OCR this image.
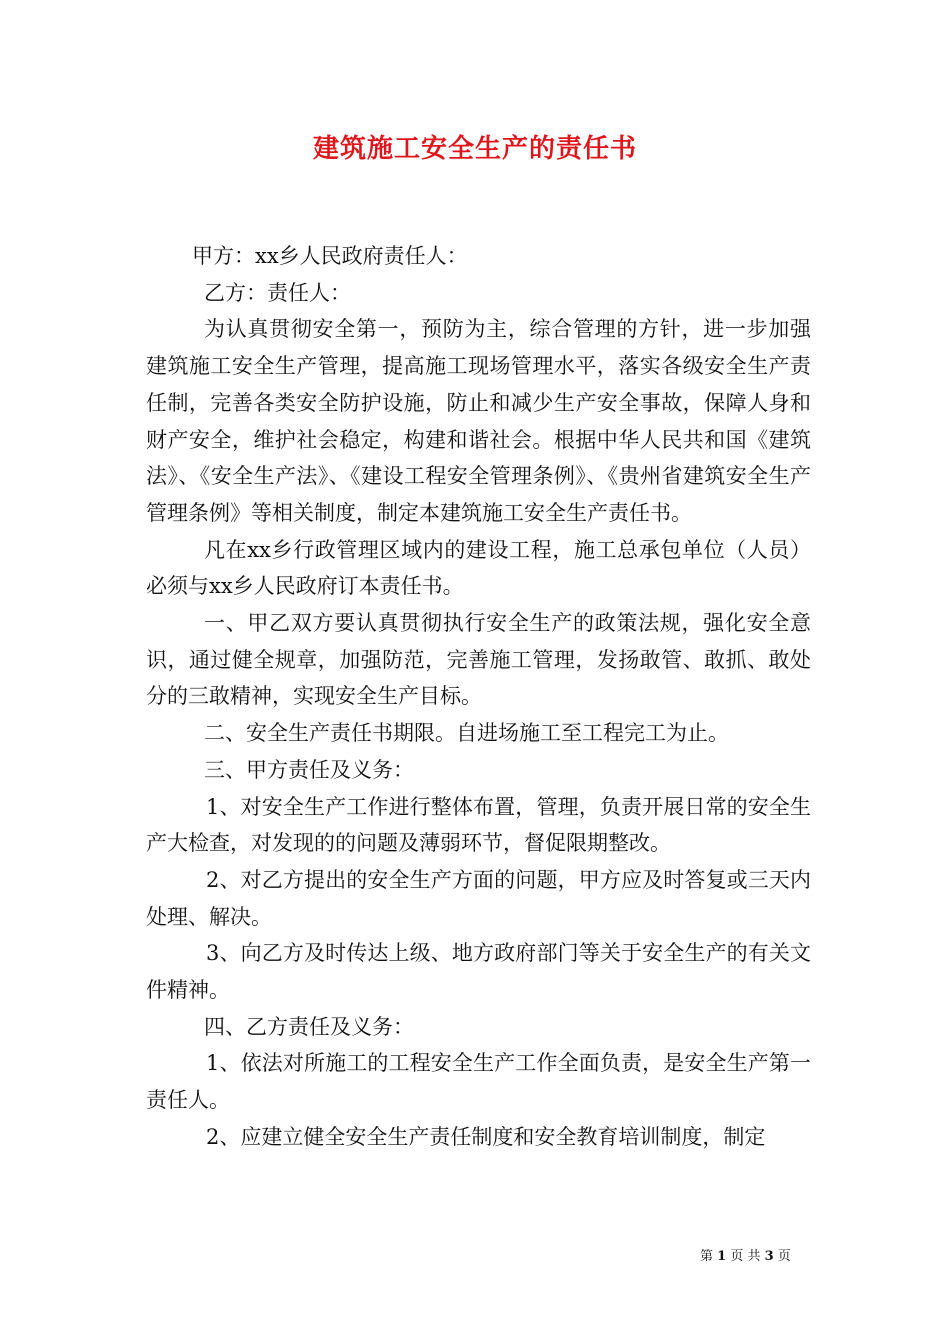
建筑施工安全生产的责任书

甲方：xx乡人民政府责任人：

乙方：责任人：

为认真贯彻安全第一，预防为主，综合管理的方针，进一步加强建筑施工安全生产管理，提高施工现场管理水平，落实各级安全生产责任制，完善各类安全防护设施，防止和减少生产安全事故，保障人身和财产安全，维护社会稳定，构建和谐社会。根据中华人民共和国《建筑法》、《安全生产法》、《建设工程安全管理条例》、《贵州省建筑安全生产管理条例》等相关制度，制定本建筑施工安全生产责任书。

凡在xx乡行政管理区域内的建设工程，施工总承包单位（人员）必须与xx乡人民政府订本责任书。

一、甲乙双方要认真贯彻执行安全生产的政策法规，强化安全意识，通过健全规章，加强防范，完善施工管理，发扬敢管、敢抓、敢处分的三敢精神，实现安全生产目标。

二、安全生产责任书期限。自进场施工至工程完工为止。

三、甲方责任及义务：

1、对安全生产工作进行整体布置，管理，负责开展日常的安全生产大检查，对发现的的问题及薄弱环节，督促限期整改。

2、对乙方提出的安全生产方面的问题，甲方应及时答复或三天内处理、解决。

3、向乙方及时传达上级、地方政府部门等关于安全生产的有关文件精神。

四、乙方责任及义务：

1、依法对所施工的工程安全生产工作全面负责，是安全生产第一责任人。

2、应建立健全安全生产责任制度和安全教育培训制度，制定

第 1 页 共 3 页
